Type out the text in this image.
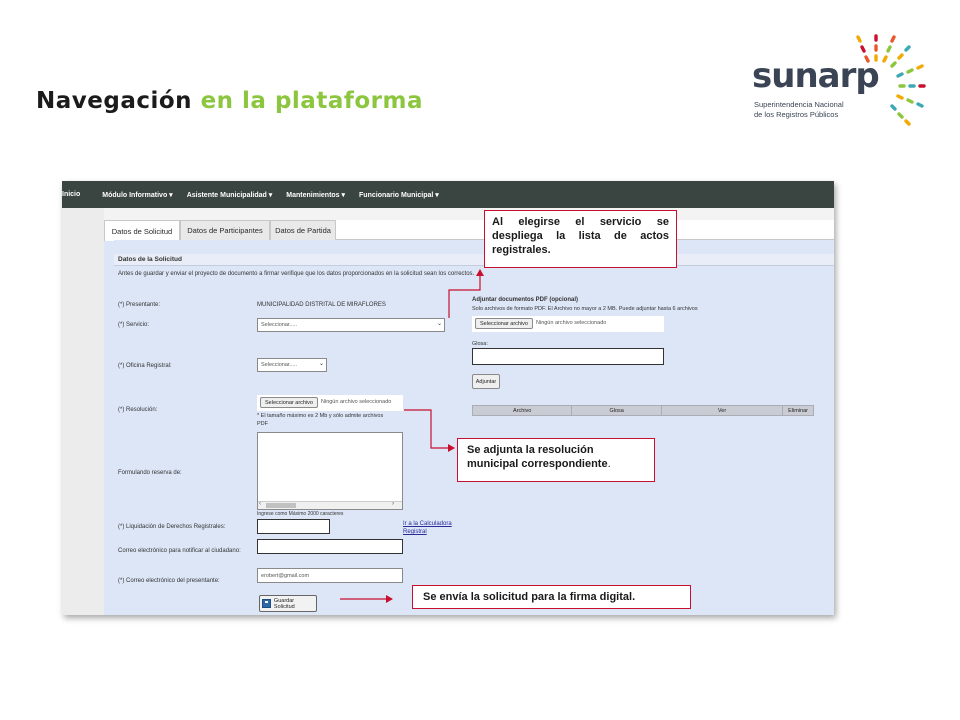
Navegación en la plataforma
sunarp
Superintendencia Nacional
de los Registros Públicos
Inicio	Módulo Informativo ▾ Asistente Municipalidad ▾ Mantenimientos ▾ Funcionario Municipal ▾
Datos de Solicitud	Datos de Participantes	Datos de Partida
Datos de la Solicitud
Antes de guardar y enviar el proyecto de documento a firmar verifique que los datos proporcionados en la solicitud sean los correctos.
(*) Presentante:	MUNICIPALIDAD DISTRITAL DE MIRAFLORES
(*) Servicio:	Seleccionar.....	⌄
(*) Oficina Registral:	Seleccionar.....	⌄
(*) Resolución:
Seleccionar archivo	Ningún archivo seleccionado
* El tamaño máximo es 2 Mb y sólo admite archivos
PDF
Formulando reserva de:
‹	›
Ingrese como Máximo 2000 caracteres
(*) Liquidación de Derechos Registrales:	Ir a la Calculadora
Registral
Correo electrónico para notificar al ciudadano:
(*) Correo electrónico del presentante:
erobert@gmail.com
Guardar Solicitud
Adjuntar documentos PDF (opcional)
Solo archivos de formato PDF. El Archivo no mayor a 2 MB. Puede adjuntar hasta 6 archivos
Seleccionar archivo	Ningún archivo seleccionado
Glosa:
Adjuntar
Archivo	Glosa	Ver	Eliminar
Al elegirse el servicio se despliega la lista de actos registrales.
Se adjunta la resolución
municipal correspondiente.
Se envía la solicitud para la firma digital.
